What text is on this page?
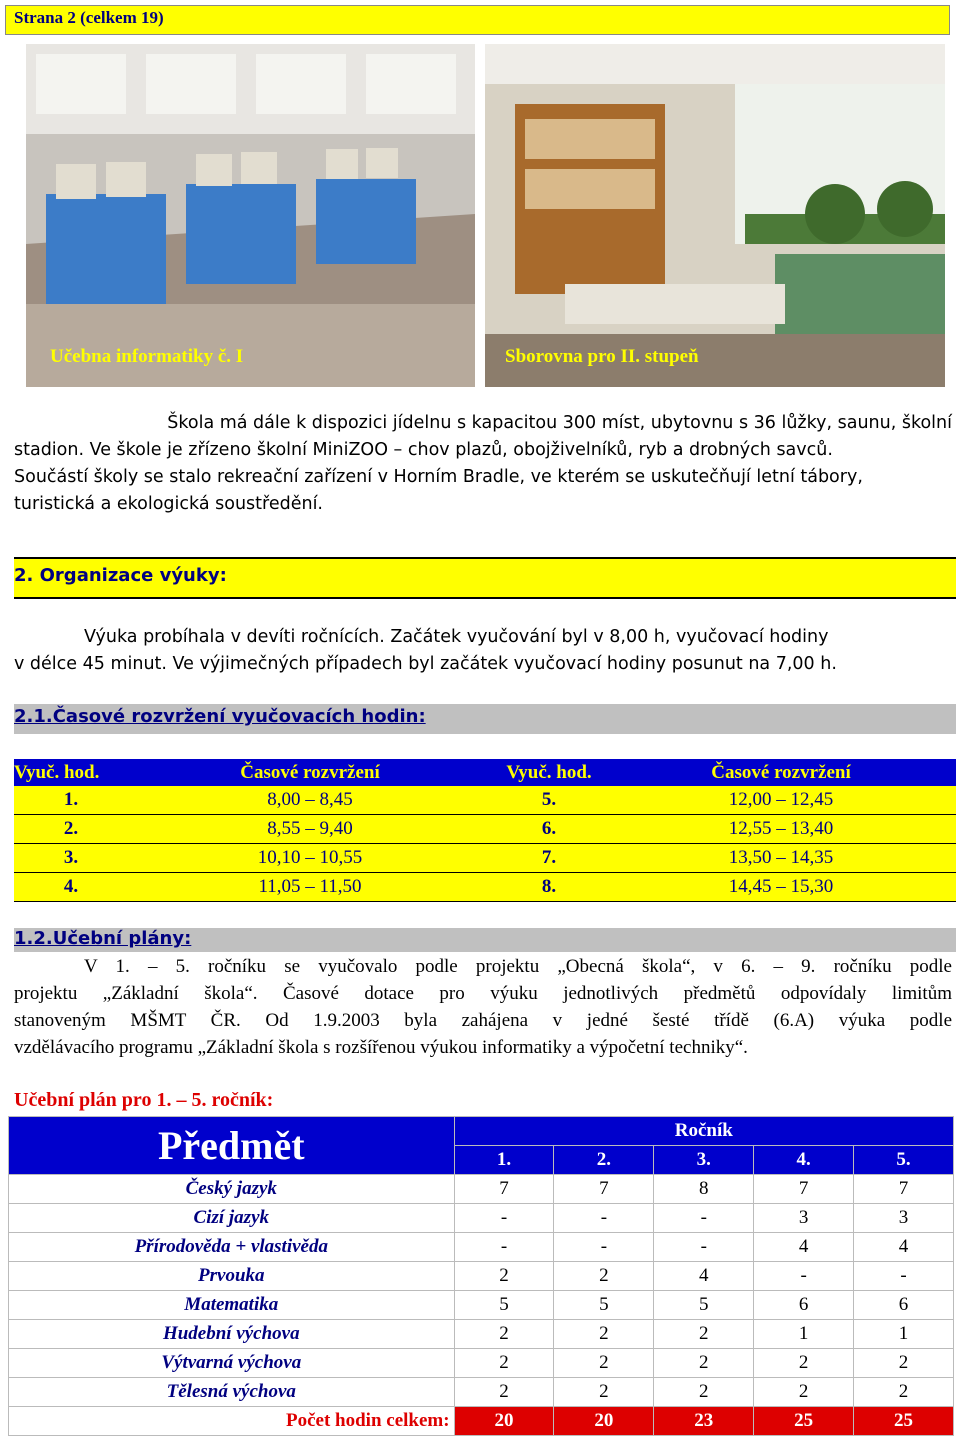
Strana 2 (celkem 19)
Učebna informatiky č. I	Sborovna pro II. stupeň

Škola má dále k dispozici jídelnu s kapacitou 300 míst, ubytovnu s 36 lůžky, saunu, školní

stadion. Ve škole je zřízeno školní MiniZOO – chov plazů, obojživelníků, ryb a drobných savců.

Součástí školy se stalo rekreační zařízení v Horním Bradle, ve kterém se uskutečňují letní tábory,

turistická a ekologická soustředění.

2. Organizace výuky:

Výuka probíhala v devíti ročnících. Začátek vyučování byl v 8,00 h, vyučovací hodiny

v délce 45 minut. Ve výjimečných případech byl začátek vyučovací hodiny posunut na 7,00 h.

2.1.Časové rozvržení vyučovacích hodin:
Vyuč. hod.	Časové rozvržení	Vyuč. hod.	Časové rozvržení
1.	8,00 – 8,45	5.	12,00 – 12,45
2.	8,55 – 9,40	6.	12,55 – 13,40
3.	10,10 – 10,55	7.	13,50 – 14,35
4.	11,05 – 11,50	8.	14,45 – 15,30
1.2.Učební plány:

V 1. – 5. ročníku se vyučovalo podle projektu „Obecná škola“, v 6. – 9. ročníku podle

projektu „Základní škola“. Časové dotace pro výuku jednotlivých předmětů odpovídaly limitům

stanoveným MŠMT ČR. Od 1.9.2003 byla zahájena v jedné šesté třídě (6.A) výuka podle

vzdělávacího programu „Základní škola s rozšířenou výukou informatiky a výpočetní techniky“.

Učební plán pro 1. – 5. ročník:
Předmět	Ročník				
	1.	2.	3.	4.	5.
Český jazyk	7	7	8	7	7
Cizí jazyk	-	-	-	3	3
Přírodověda + vlastivěda	-	-	-	4	4
Prvouka	2	2	4	-	-
Matematika	5	5	5	6	6
Hudební výchova	2	2	2	1	1
Výtvarná výchova	2	2	2	2	2
Tělesná výchova	2	2	2	2	2
Počet hodin celkem:	20	20	23	25	25
